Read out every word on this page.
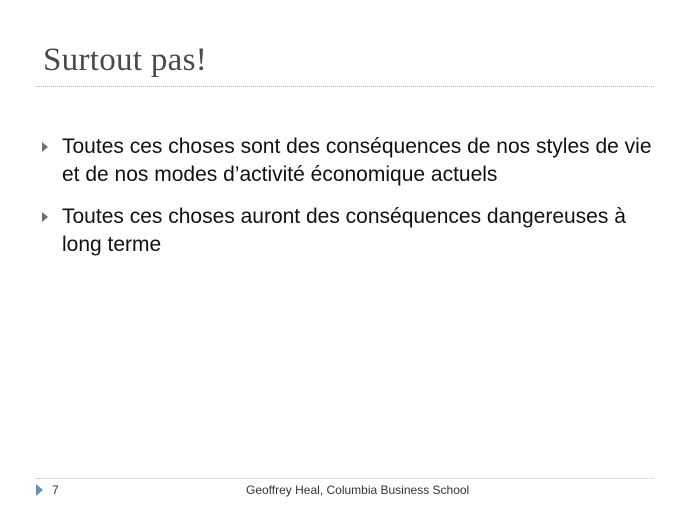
Surtout pas!
Toutes ces choses sont des conséquences de nos styles de vie et de nos modes d’activité économique actuels
Toutes ces choses auront des conséquences dangereuses à long terme
7	Geoffrey Heal, Columbia Business School
